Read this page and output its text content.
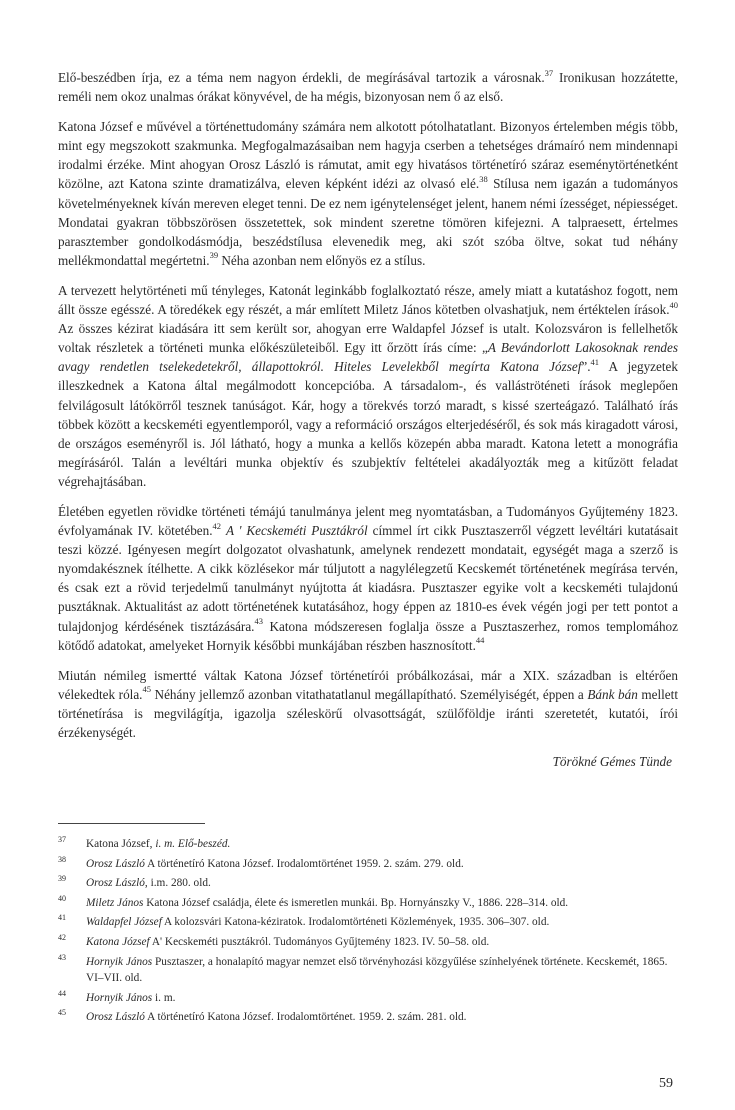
Elő-beszédben írja, ez a téma nem nagyon érdekli, de megírásával tartozik a városnak.$^{37}$ Ironikusan hozzátette, reméli nem okoz unalmas órákat könyvével, de ha mégis, bizonyosan nem ő az első.

Katona József e művével a történettudomány számára nem alkotott pótolhatatlant. Bizonyos értelemben mégis több, mint egy megszokott szakmunka. Megfogalmazásaiban nem hagyja cserben a tehetséges drámaíró nem mindennapi irodalmi érzéke. Mint ahogyan Orosz László is rámutat, amit egy hivatásos történetíró száraz eseménytörténetként közölne, azt Katona szinte dramatizálva, eleven képként idézi az olvasó elé.$^{38}$ Stílusa nem igazán a tudományos követelményeknek kíván mereven eleget tenni. De ez nem igénytelenséget jelent, hanem némi ízességet, népiességet. Mondatai gyakran többszörösen összetettek, sok mindent szeretne tömören kifejezni. A talpraesett, értelmes parasztember gondolkodásmódja, beszédstílusa elevenedik meg, aki szót szóba öltve, sokat tud néhány mellékmondattal megértetni.$^{39}$ Néha azonban nem előnyös ez a stílus.

A tervezett helytörténeti mű tényleges, Katonát leginkább foglalkoztató része, amely miatt a kutatáshoz fogott, nem állt össze egésszé. A töredékek egy részét, a már említett Miletz János kötetben olvashatjuk, nem értéktelen írások.$^{40}$ Az összes kézirat kiadására itt sem került sor, ahogyan erre Waldapfel József is utalt. Kolozsváron is fellelhetők voltak részletek a történeti munka előkészületeiből. Egy itt őrzött írás címe: „A Bevándorlott Lakosoknak rendes avagy rendetlen tselekedetekről, állapottokról. Hiteles Levelekből megírta Katona József”.$^{41}$ A jegyzetek illeszkednek a Katona által megálmodott koncepcióba. A társadalom-, és valláströténeti írások meglepően felvilágosult látókörről tesznek tanúságot. Kár, hogy a törekvés torzó maradt, s kissé szerteágazó. Található írás többek között a kecskeméti egyentlemporól, vagy a reformáció országos elterjedéséről, és sok más kiragadott városi, de országos eseményről is. Jól látható, hogy a munka a kellős közepén abba maradt. Katona letett a monográfia megírásáról. Talán a levéltári munka objektív és szubjektív feltételei akadályozták meg a kitűzött feladat végrehajtásában.

Életében egyetlen rövidke történeti témájú tanulmánya jelent meg nyomtatásban, a Tudományos Gyűjtemény 1823. évfolyamának IV. kötetében.$^{42}$ A ' Kecskeméti Pusztákról címmel írt cikk Pusztaszerről végzett levéltári kutatásait teszi közzé. Igényesen megírt dolgozatot olvashatunk, amelynek rendezett mondatait, egységét maga a szerző is nyomdakésznek ítélhette. A cikk közlésekor már túljutott a nagylélegzetű Kecskemét történetének megírása tervén, és csak ezt a rövid terjedelmű tanulmányt nyújtotta át kiadásra. Pusztaszer egyike volt a kecskeméti tulajdonú pusztáknak. Aktualitást az adott történetének kutatásához, hogy éppen az 1810-es évek végén jogi per tett pontot a tulajdonjog kérdésének tisztázására.$^{43}$ Katona módszeresen foglalja össze a Pusztaszerhez, romos templomához kötődő adatokat, amelyeket Hornyik későbbi munkájában részben hasznosított.$^{44}$

Miután némileg ismertté váltak Katona József történetírói próbálkozásai, már a XIX. században is eltérően vélekedtek róla.$^{45}$ Néhány jellemző azonban vitathatatlanul megállapítható. Személyiségét, éppen a Bánk bán mellett történetírása is megvilágítja, igazolja széleskörű olvasottságát, szülőföldje iránti szeretetét, kutatói, írói érzékenységét.

Törökné Gémes Tünde
37	Katona József, i. m. Elő-beszéd.
38	Orosz László A történetíró Katona József. Irodalomtörténet 1959. 2. szám. 279. old.
39	Orosz László, i.m. 280. old.
40	Miletz János Katona József családja, élete és ismeretlen munkái. Bp. Hornyánszky V., 1886. 228–314. old.
41	Waldapfel József A kolozsvári Katona-kéziratok. Irodalomtörténeti Közlemények, 1935. 306–307. old.
42	Katona József A' Kecskeméti pusztákról. Tudományos Gyűjtemény 1823. IV. 50–58. old.
43	Hornyik János Pusztaszer, a honalapító magyar nemzet első törvényhozási közgyűlése színhelyének története. Kecskemét, 1865. VI–VII. old.
44	Hornyik János i. m.
45	Orosz László A történetíró Katona József. Irodalomtörténet. 1959. 2. szám. 281. old.
59
